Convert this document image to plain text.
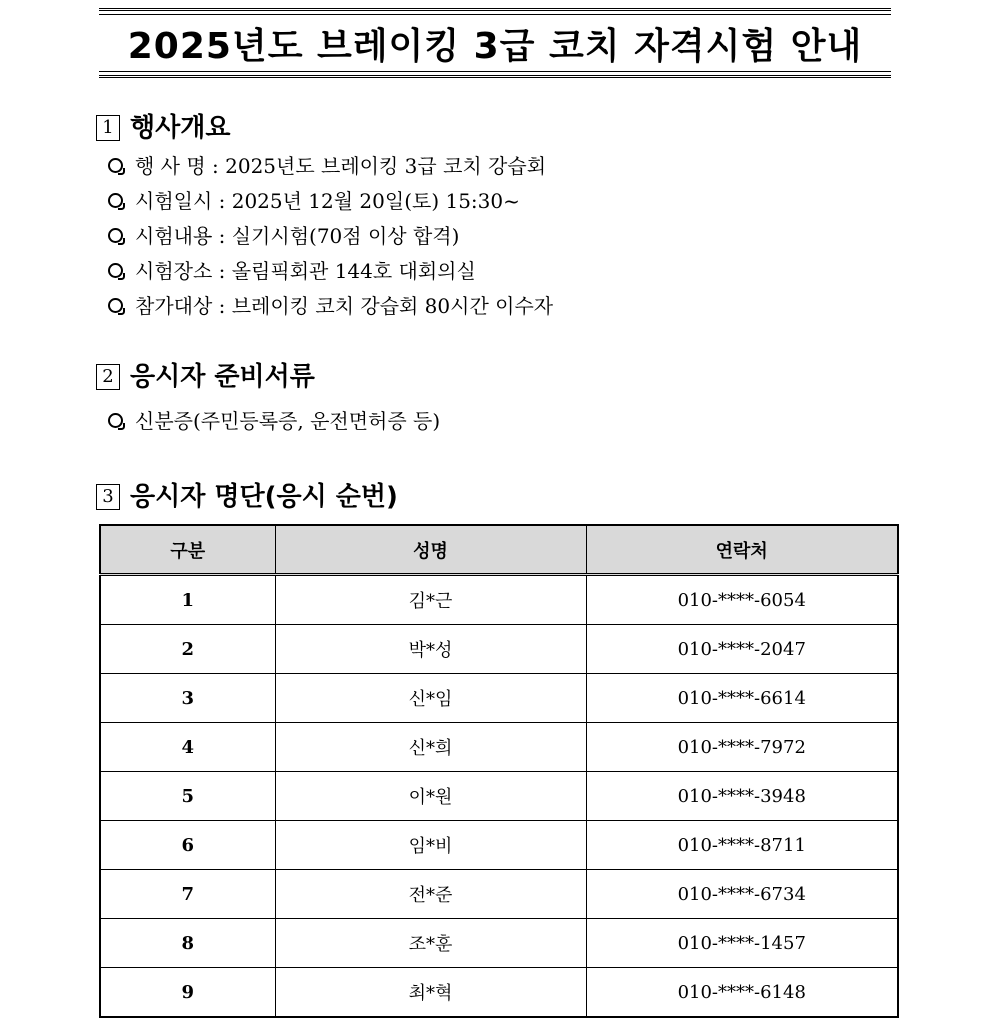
2025년도 브레이킹 3급 코치 자격시험 안내
1 행사개요
행 사 명 : 2025년도 브레이킹 3급 코치 강습회
시험일시 : 2025년 12월 20일(토) 15:30~
시험내용 : 실기시험(70점 이상 합격)
시험장소 : 올림픽회관 144호 대회의실
참가대상 : 브레이킹 코치 강습회 80시간 이수자
2 응시자 준비서류
신분증(주민등록증, 운전면허증 등)
3 응시자 명단(응시 순번)
구분	성명	연락처
1	김*근	010-****-6054
2	박*성	010-****-2047
3	신*임	010-****-6614
4	신*희	010-****-7972
5	이*원	010-****-3948
6	임*비	010-****-8711
7	전*준	010-****-6734
8	조*훈	010-****-1457
9	최*혁	010-****-6148
